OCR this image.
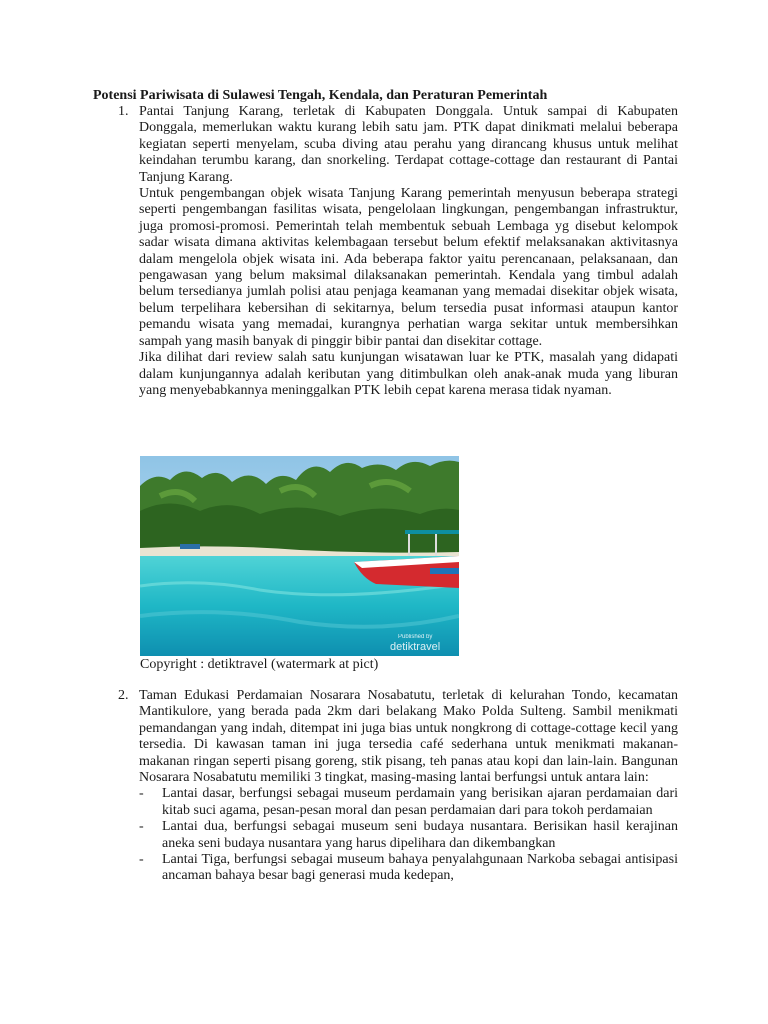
Potensi Pariwisata di Sulawesi Tengah, Kendala, dan Peraturan Pemerintah
1. Pantai Tanjung Karang, terletak di Kabupaten Donggala. Untuk sampai di Kabupaten Donggala, memerlukan waktu kurang lebih satu jam. PTK dapat dinikmati melalui beberapa kegiatan seperti menyelam, scuba diving atau perahu yang dirancang khusus untuk melihat keindahan terumbu karang, dan snorkeling. Terdapat cottage-cottage dan restaurant di Pantai Tanjung Karang.

Untuk pengembangan objek wisata Tanjung Karang pemerintah menyusun beberapa strategi seperti pengembangan fasilitas wisata, pengelolaan lingkungan, pengembangan infrastruktur, juga promosi-promosi. Pemerintah telah membentuk sebuah Lembaga yg disebut kelompok sadar wisata dimana aktivitas kelembagaan tersebut belum efektif melaksanakan aktivitasnya dalam mengelola objek wisata ini. Ada beberapa faktor yaitu perencanaan, pelaksanaan, dan pengawasan yang belum maksimal dilaksanakan pemerintah. Kendala yang timbul adalah belum tersedianya jumlah polisi atau penjaga keamanan yang memadai disekitar objek wisata, belum terpelihara kebersihan di sekitarnya, belum tersedia pusat informasi ataupun kantor pemandu wisata yang memadai, kurangnya perhatian warga sekitar untuk membersihkan sampah yang masih banyak di pinggir bibir pantai dan disekitar cottage.

Jika dilihat dari review salah satu kunjungan wisatawan luar ke PTK, masalah yang didapati dalam kunjungannya adalah keributan yang ditimbulkan oleh anak-anak muda yang liburan yang menyebabkannya meninggalkan PTK lebih cepat karena merasa tidak nyaman.

Published by
detiktravel
Copyright : detiktravel (watermark at pict)
2. Taman Edukasi Perdamaian Nosarara Nosabatutu, terletak di kelurahan Tondo, kecamatan Mantikulore, yang berada pada 2km dari belakang Mako Polda Sulteng. Sambil menikmati pemandangan yang indah, ditempat ini juga bias untuk nongkrong di cottage-cottage kecil yang tersedia. Di kawasan taman ini juga tersedia café sederhana untuk menikmati makanan-makanan ringan seperti pisang goreng, stik pisang, teh panas atau kopi dan lain-lain. Bangunan Nosarara Nosabatutu memiliki 3 tingkat, masing-masing lantai berfungsi untuk antara lain:

- Lantai dasar, berfungsi sebagai museum perdamain yang berisikan ajaran perdamaian dari kitab suci agama, pesan-pesan moral dan pesan perdamaian dari para tokoh perdamaian
- Lantai dua, berfungsi sebagai museum seni budaya nusantara. Berisikan hasil kerajinan aneka seni budaya nusantara yang harus dipelihara dan dikembangkan
- Lantai Tiga, berfungsi sebagai museum bahaya penyalahgunaan Narkoba sebagai antisipasi ancaman bahaya besar bagi generasi muda kedepan,
